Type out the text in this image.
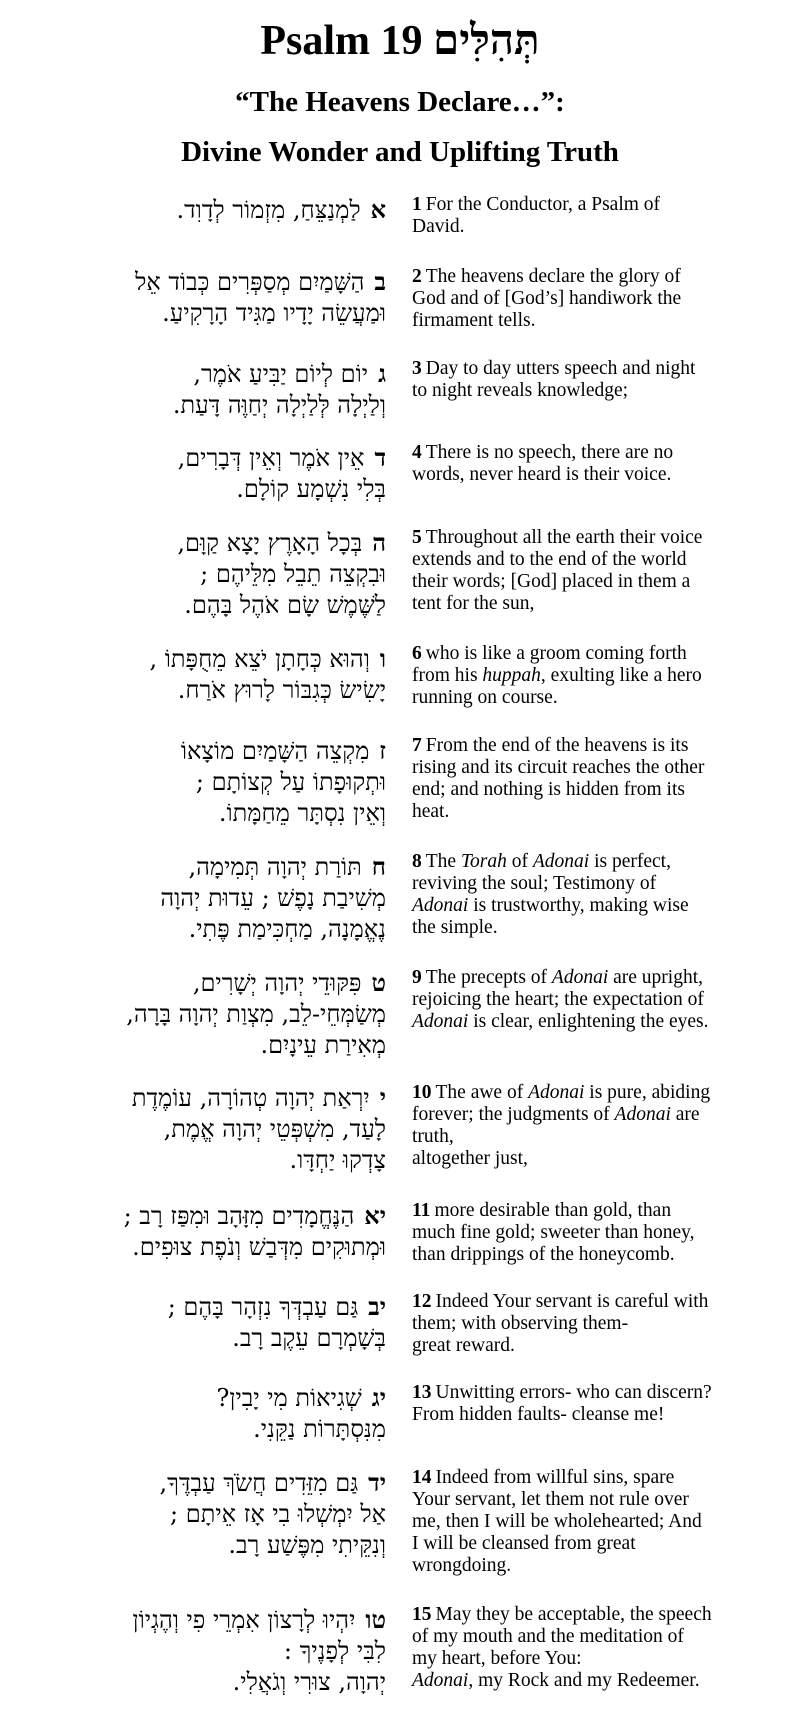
Psalm 19 תְּהִלִּים
“The Heavens Declare…”:
Divine Wonder and Uplifting Truth
אלַמְנַצֵּחַ, מִזְמוֹר לְדָוִד.	1 For the Conductor, a Psalm of
David.
בהַשָּׁמַיִם מְסַפְּרִים כְּבוֹד אֵל
וּמַעֲשֵׂה יָדָיו מַגִּיד הָרָקִיעַ.
2 The heavens declare the glory of
God and of [God’s] handiwork the
firmament tells.
גיוֹם לְיוֹם יַבִּיעַ אֹמֶר,
וְלַיְלָה לְּלַיְלָה יְחַוֶּה דָּעַת.
3 Day to day utters speech and night
to night reveals knowledge;
דאֵין אֹמֶר וְאֵין דְּבָרִים,
בְּלִי נִשְׁמָע קוֹלָם.
4 There is no speech, there are no
words, never heard is their voice.
הבְּכָל הָאָרֶץ יָצָא קַוָּם,
וּבִקְצֵה תֵבֵל מִלֵּיהֶם ;
לַשֶּׁמֶשׁ שָׂם אֹהֶל בָּהֶם.
5 Throughout all the earth their voice
extends and to the end of the world
their words; [God] placed in them a
tent for the sun,
ווְהוּא כְּחָתָן יֹצֵא מֵחֻפָּתוֹ ,
יָשִׂישׂ כְּגִבּוֹר לָרוּץ אֹרַח.
6 who is like a groom coming forth
from his huppah, exulting like a hero
running on course.
זמִקְצֵה הַשָּׁמַיִם מוֹצָאוֹ
וּתְקוּפָתוֹ עַל קְצוֹתָם ;
וְאֵין נִסְתָּר מֵחַמָּתוֹ.
7 From the end of the heavens is its
rising and its circuit reaches the other
end; and nothing is hidden from its
heat.
חתּוֹרַת יְהוָה תְּמִימָה,
מְשִׁיבַת נָפֶשׁ ; עֵדוּת יְהוָה
נֶאֱמָנָה, מַחְכִּימַת פֶּתִי.
8 The Torah of Adonai is perfect,
reviving the soul; Testimony of
Adonai is trustworthy, making wise
the simple.
טפִּקּוּדֵי יְהוָה יְשָׁרִים,
מְשַׂמְּחֵי-לֵב, מִצְוַת יְהוָה בָּרָה,
מְאִירַת עֵינָיִם.
9 The precepts of Adonai are upright,
rejoicing the heart; the expectation of
Adonai is clear, enlightening the eyes.
ייִרְאַת יְהוָה טְהוֹרָה, עוֹמֶדֶת
לָעַד, מִשְׁפְּטֵי יְהוָה אֱמֶת,
צָדְקוּ יַחְדָּו.
10 The awe of Adonai is pure, abiding
forever; the judgments of Adonai are
truth,
altogether just,
יאהַנֶּחֱמָדִים מִזָּהָב וּמִפַּז רָב ;
וּמְתוּקִים מִדְּבַשׁ וְנֹפֶת צוּפִים.
11 more desirable than gold, than
much fine gold; sweeter than honey,
than drippings of the honeycomb.
יבגַּם עַבְדְּךָ נִזְהָר בָּהֶם ;
בְּשָׁמְרָם עֵקֶב רָב.
12 Indeed Your servant is careful with
them; with observing them-
great reward.
יגשְׁגִיאוֹת מִי יָבִין?
מִנִּסְתָּרוֹת נַקֵּנִי.
13 Unwitting errors- who can discern?
From hidden faults- cleanse me!
ידגַּם מִזֵּדִים חֲשֹׂךְ עַבְדֶּךָ,
אַל יִמְשְׁלוּ בִי אָז אֵיתָם ;
וְנִקֵּיתִי מִפֶּשַׁע רָב.
14 Indeed from willful sins, spare
Your servant, let them not rule over
me, then I will be wholehearted; And
I will be cleansed from great
wrongdoing.
טויִהְיוּ לְרָצוֹן אִמְרֵי פִי וְהֶגְיוֹן
לִבִּי לְפָנֶיךָ :
יְהוָה, צוּרִי וְגֹאֲלִי.
15 May they be acceptable, the speech
of my mouth and the meditation of
my heart, before You:
Adonai, my Rock and my Redeemer.
